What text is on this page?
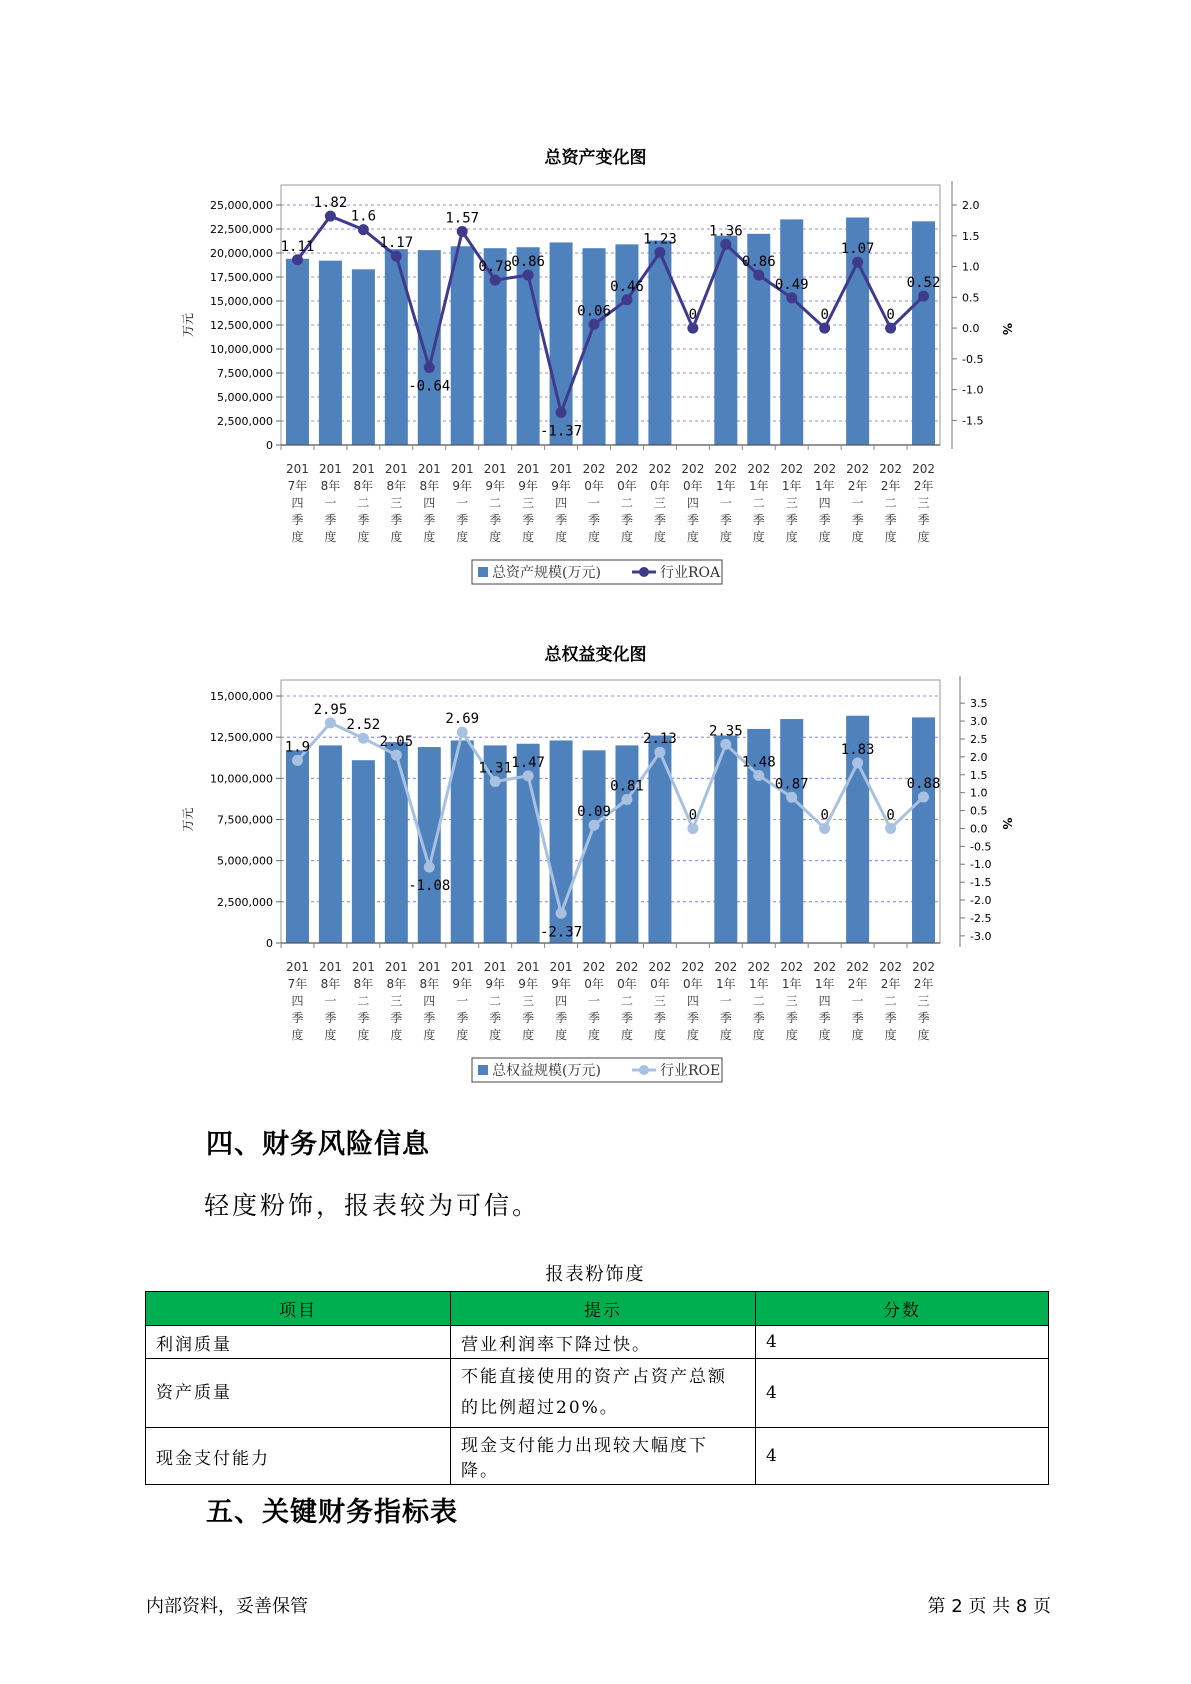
总资产变化图
0
2,500,000
5,000,000
7,500,000
10,000,000
12,500,000
15,000,000
17,500,000
20,000,000
22,500,000
25,000,000
万元
-1.5
-1.0
-0.5
0.0
0.5
1.0
1.5
2.0
%
1.11
1.82
1.6
1.17
-0.64
1.57
0.78 0.86
-1.37
0.06
0.46
1.23
0
1.36
0.86
0.49
0
1.07
0
0.52
201 7年四季度
201 8年一季度
201 8年二季度
201 8年三季度
201 8年四季度
201 9年一季度
201 9年二季度
201 9年三季度
201 9年四季度
202 0年一季度
202 0年二季度
202 0年三季度
202 0年四季度
202 1年一季度
202 1年二季度
202 1年三季度
202 1年四季度
202 2年一季度
202 2年二季度
202 2年三季度
总资产规模(万元)	行业ROA
总权益变化图
0
2,500,000
5,000,000
7,500,000
10,000,000
12,500,000
15,000,000
万元
-3.0
-2.5
-2.0
-1.5
-1.0
-0.5
0.0
0.5
1.0
1.5
2.0
2.5
3.0
3.5
%
1.9
2.95
2.52
2.05
-1.08
2.69
1.31 1.47
-2.37
0.09
0.81
2.13
0
2.35
1.48
0.87
0
1.83
0
0.88
201 7年四季度
201 8年一季度
201 8年二季度
201 8年三季度
201 8年四季度
201 9年一季度
201 9年二季度
201 9年三季度
201 9年四季度
202 0年一季度
202 0年二季度
202 0年三季度
202 0年四季度
202 1年一季度
202 1年二季度
202 1年三季度
202 1年四季度
202 2年一季度
202 2年二季度
202 2年三季度
总权益规模(万元)	行业ROE
四、财务风险信息
轻度粉饰，报表较为可信。
报表粉饰度
项目	提示	分数
利润质量	营业利润率下降过快。	4
资产质量	不能直接使用的资产占资产总额的比例超过20%。	4
现金支付能力	现金支付能力出现较大幅度下降。	4
五、关键财务指标表
内部资料，妥善保管	第 2 页 共 8 页
